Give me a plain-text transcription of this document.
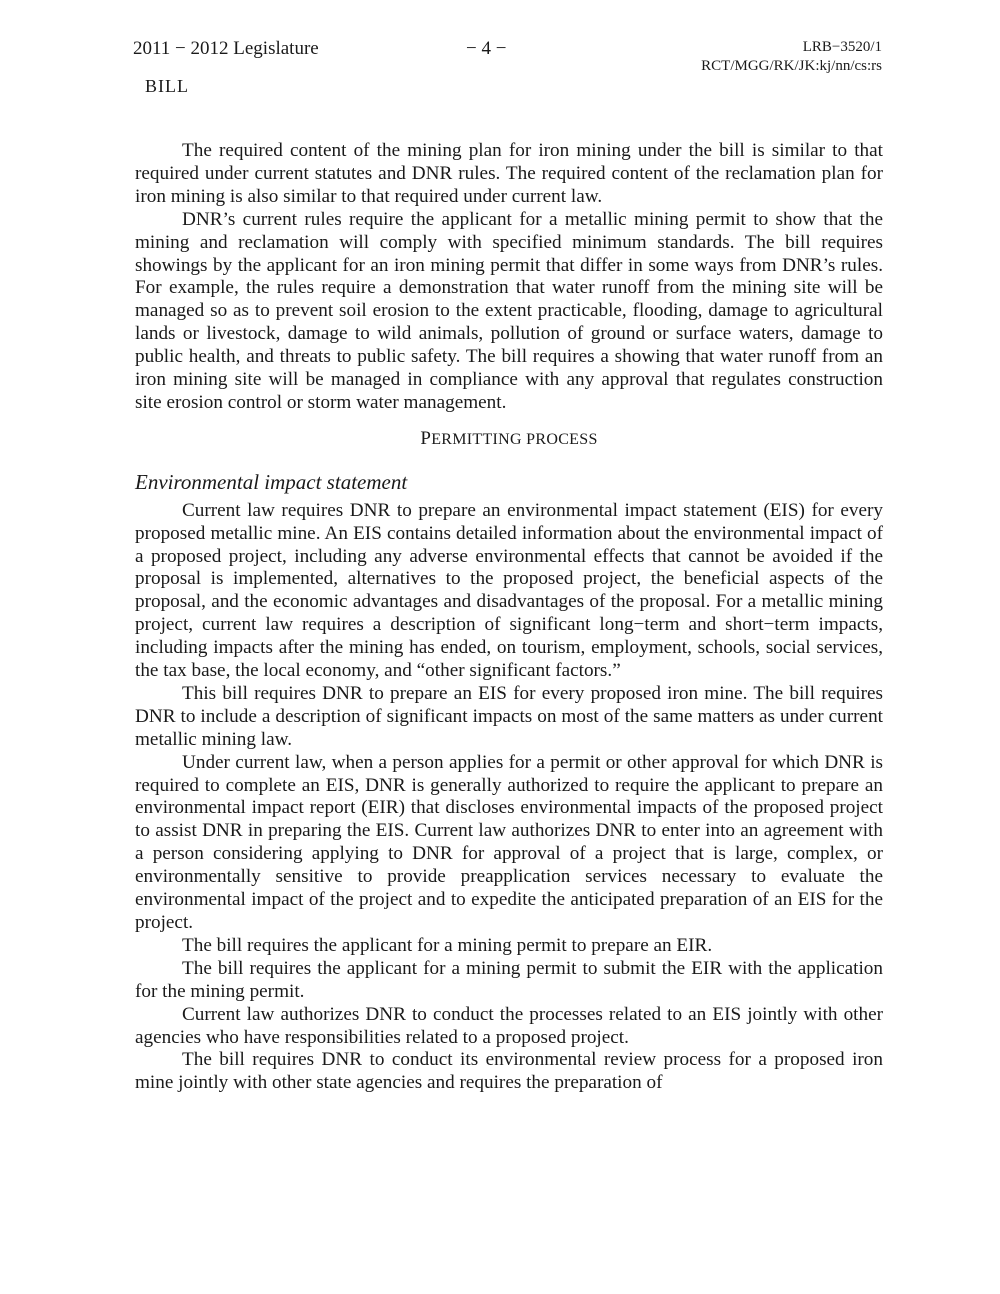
2011 − 2012 Legislature	− 4 −	LRB−3520/1
RCT/MGG/RK/JK:kj/nn/cs:rs
BILL

The required content of the mining plan for iron mining under the bill is similar to that required under current statutes and DNR rules. The required content of the reclamation plan for iron mining is also similar to that required under current law.

DNR’s current rules require the applicant for a metallic mining permit to show that the mining and reclamation will comply with specified minimum standards. The bill requires showings by the applicant for an iron mining permit that differ in some ways from DNR’s rules. For example, the rules require a demonstration that water runoff from the mining site will be managed so as to prevent soil erosion to the extent practicable, flooding, damage to agricultural lands or livestock, damage to wild animals, pollution of ground or surface waters, damage to public health, and threats to public safety. The bill requires a showing that water runoff from an iron mining site will be managed in compliance with any approval that regulates construction site erosion control or storm water management.

PERMITTING PROCESS
Environmental impact statement

Current law requires DNR to prepare an environmental impact statement (EIS) for every proposed metallic mine. An EIS contains detailed information about the environmental impact of a proposed project, including any adverse environmental effects that cannot be avoided if the proposal is implemented, alternatives to the proposed project, the beneficial aspects of the proposal, and the economic advantages and disadvantages of the proposal. For a metallic mining project, current law requires a description of significant long−term and short−term impacts, including impacts after the mining has ended, on tourism, employment, schools, social services, the tax base, the local economy, and “other significant factors.”

This bill requires DNR to prepare an EIS for every proposed iron mine. The bill requires DNR to include a description of significant impacts on most of the same matters as under current metallic mining law.

Under current law, when a person applies for a permit or other approval for which DNR is required to complete an EIS, DNR is generally authorized to require the applicant to prepare an environmental impact report (EIR) that discloses environmental impacts of the proposed project to assist DNR in preparing the EIS. Current law authorizes DNR to enter into an agreement with a person considering applying to DNR for approval of a project that is large, complex, or environmentally sensitive to provide preapplication services necessary to evaluate the environmental impact of the project and to expedite the anticipated preparation of an EIS for the project.

The bill requires the applicant for a mining permit to prepare an EIR.

The bill requires the applicant for a mining permit to submit the EIR with the application for the mining permit.

Current law authorizes DNR to conduct the processes related to an EIS jointly with other agencies who have responsibilities related to a proposed project.

The bill requires DNR to conduct its environmental review process for a proposed iron mine jointly with other state agencies and requires the preparation of
